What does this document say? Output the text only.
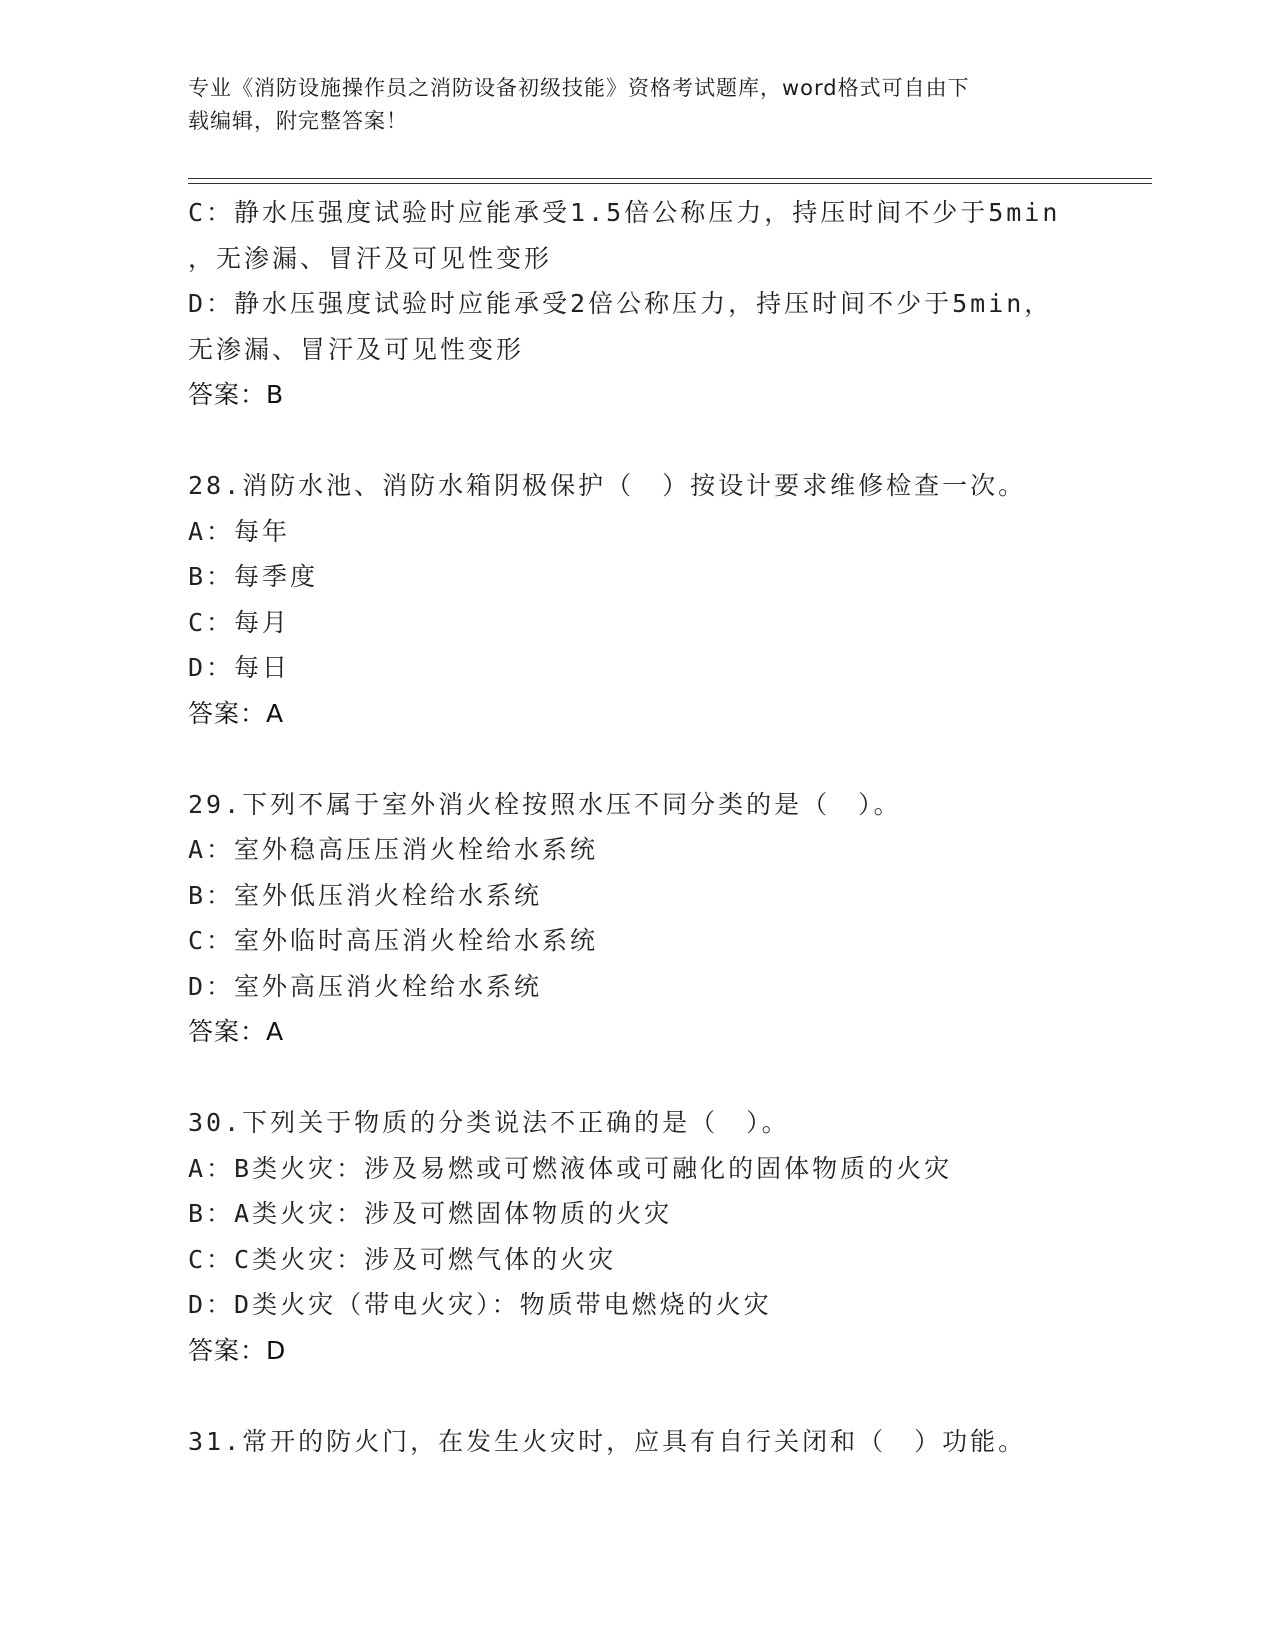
专业《消防设施操作员之消防设备初级技能》资格考试题库，word格式可自由下
载编辑，附完整答案！
C：静水压强度试验时应能承受1.5倍公称压力，持压时间不少于5min
，无渗漏、冒汗及可见性变形
D：静水压强度试验时应能承受2倍公称压力，持压时间不少于5min，
无渗漏、冒汗及可见性变形
答案：B
28.消防水池、消防水箱阴极保护（　）按设计要求维修检查一次。
A：每年
B：每季度
C：每月
D：每日
答案：A
29.下列不属于室外消火栓按照水压不同分类的是（　）。
A：室外稳高压压消火栓给水系统
B：室外低压消火栓给水系统
C：室外临时高压消火栓给水系统
D：室外高压消火栓给水系统
答案：A
30.下列关于物质的分类说法不正确的是（　）。
A：B类火灾：涉及易燃或可燃液体或可融化的固体物质的火灾
B：A类火灾：涉及可燃固体物质的火灾
C：C类火灾：涉及可燃气体的火灾
D：D类火灾（带电火灾）：物质带电燃烧的火灾
答案：D
31.常开的防火门，在发生火灾时，应具有自行关闭和（　）功能。
